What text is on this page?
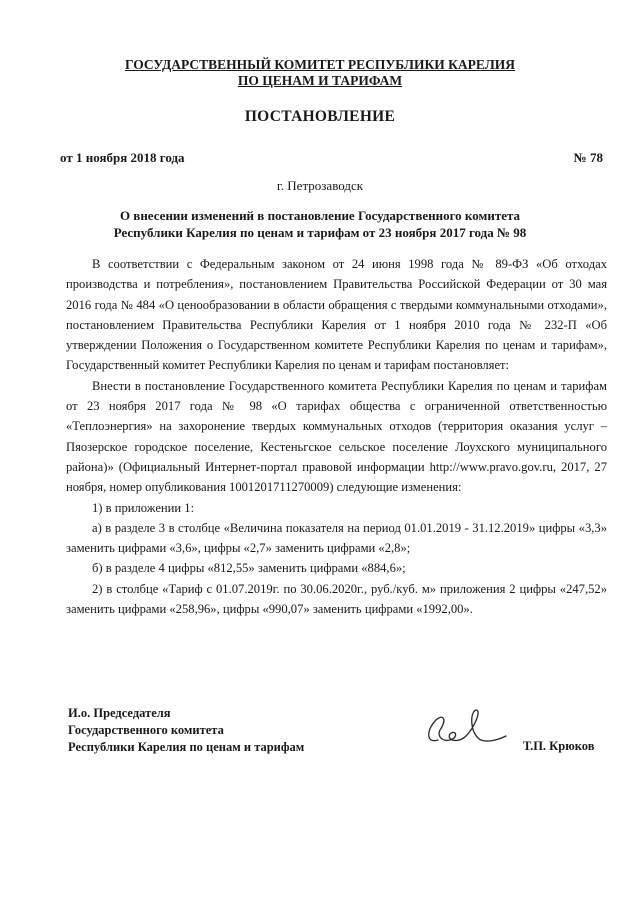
ГОСУДАРСТВЕННЫЙ КОМИТЕТ РЕСПУБЛИКИ КАРЕЛИЯ
ПО ЦЕНАМ И ТАРИФАМ
ПОСТАНОВЛЕНИЕ
от 1 ноября 2018 года	№ 78
г. Петрозаводск
О внесении изменений в постановление Государственного комитета
Республики Карелия по ценам и тарифам от 23 ноября 2017 года № 98

В соответствии с Федеральным законом от 24 июня 1998 года № 89-ФЗ «Об отходах производства и потребления», постановлением Правительства Российской Федерации от 30 мая 2016 года № 484 «О ценообразовании в области обращения с твердыми коммунальными отходами», постановлением Правительства Республики Карелия от 1 ноября 2010 года № 232-П «Об утверждении Положения о Государственном комитете Республики Карелия по ценам и тарифам», Государственный комитет Республики Карелия по ценам и тарифам постановляет:

Внести в постановление Государственного комитета Республики Карелия по ценам и тарифам от 23 ноября 2017 года № 98 «О тарифах общества с ограниченной ответственностью «Теплоэнергия» на захоронение твердых коммунальных отходов (территория оказания услуг – Пяозерское городское поселение, Кестеньгское сельское поселение Лоухского муниципального района)» (Официальный Интернет-портал правовой информации http://www.pravo.gov.ru, 2017, 27 ноября, номер опубликования 1001201711270009) следующие изменения:

1) в приложении 1:

а) в разделе 3 в столбце «Величина показателя на период 01.01.2019 - 31.12.2019» цифры «3,3» заменить цифрами «3,6», цифры «2,7» заменить цифрами «2,8»;

б) в разделе 4 цифры «812,55» заменить цифрами «884,6»;

2) в столбце «Тариф с 01.07.2019г. по 30.06.2020г., руб./куб. м» приложения 2 цифры «247,52» заменить цифрами «258,96», цифры «990,07» заменить цифрами «1992,00».

И.о. Председателя
Государственного комитета
Республики Карелия по ценам и тарифам	Т.П. Крюков
